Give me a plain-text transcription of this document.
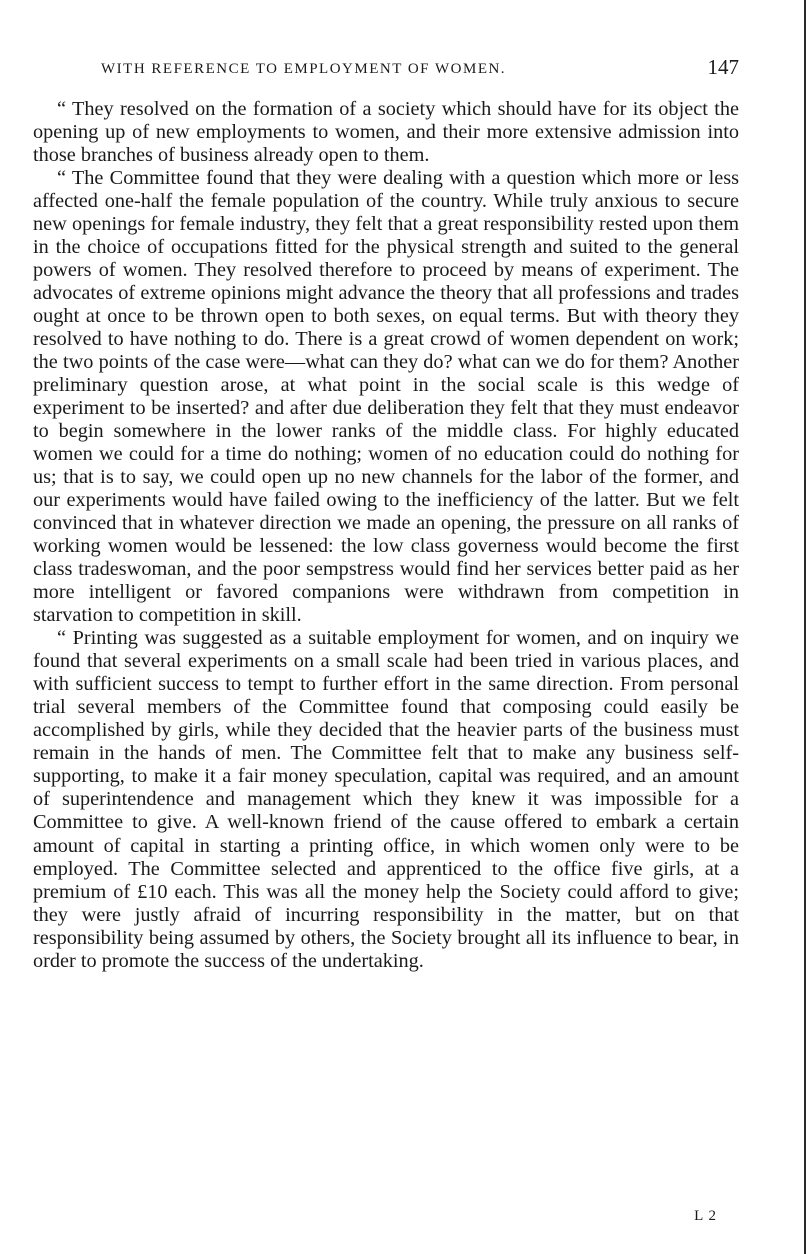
WITH REFERENCE TO EMPLOYMENT OF WOMEN.	147

“ They resolved on the formation of a society which should have for its object the opening up of new employments to women, and their more extensive admission into those branches of business already open to them.

“ The Committee found that they were dealing with a question which more or less affected one-half the female population of the country. While truly anxious to secure new openings for female industry, they felt that a great responsibility rested upon them in the choice of occupations fitted for the physical strength and suited to the general powers of women. They resolved therefore to proceed by means of experiment. The advocates of extreme opinions might advance the theory that all professions and trades ought at once to be thrown open to both sexes, on equal terms. But with theory they resolved to have nothing to do. There is a great crowd of women dependent on work; the two points of the case were—what can they do? what can we do for them? Another preliminary question arose, at what point in the social scale is this wedge of experiment to be inserted? and after due deliberation they felt that they must endeavor to begin somewhere in the lower ranks of the middle class. For highly educated women we could for a time do nothing; women of no education could do nothing for us; that is to say, we could open up no new channels for the labor of the former, and our experiments would have failed owing to the inefficiency of the latter. But we felt convinced that in whatever direction we made an opening, the pressure on all ranks of working women would be lessened: the low class governess would become the first class tradeswoman, and the poor sempstress would find her services better paid as her more intelligent or favored companions were withdrawn from competition in starvation to competition in skill.

“ Printing was suggested as a suitable employment for women, and on inquiry we found that several experiments on a small scale had been tried in various places, and with sufficient success to tempt to further effort in the same direction. From personal trial several members of the Committee found that composing could easily be accomplished by girls, while they decided that the heavier parts of the business must remain in the hands of men. The Committee felt that to make any business self-supporting, to make it a fair money speculation, capital was required, and an amount of superintendence and management which they knew it was impossible for a Committee to give. A well-known friend of the cause offered to embark a certain amount of capital in starting a printing office, in which women only were to be employed. The Committee selected and apprenticed to the office five girls, at a premium of £10 each. This was all the money help the Society could afford to give; they were justly afraid of incurring responsibility in the matter, but on that responsibility being assumed by others, the Society brought all its influence to bear, in order to promote the success of the undertaking.

L 2
